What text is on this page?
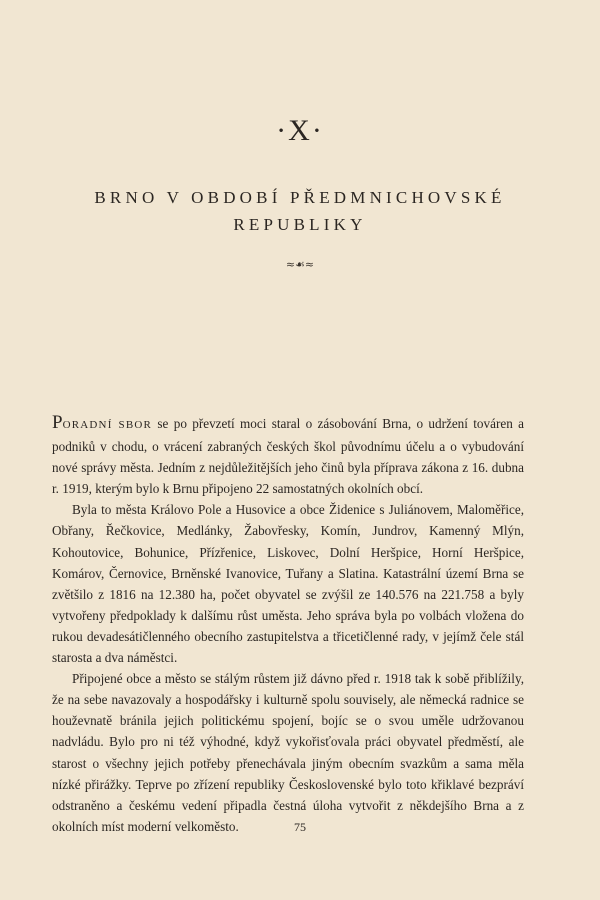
·X·
BRNO V OBDOBÍ PŘEDMNICHOVSKÉ
REPUBLIKY
≈☙≈

PORADNÍ SBOR se po převzetí moci staral o zásobování Brna, o udržení továren a podniků v chodu, o vrácení zabraných českých škol původnímu účelu a o vybudování nové správy města. Jedním z nejdůležitějších jeho činů byla příprava zákona z 16. dubna r. 1919, kterým bylo k Brnu připojeno 22 samostatných okolních obcí.

Byla to města Královo Pole a Husovice a obce Židenice s Juliánovem, Maloměřice, Obřany, Řečkovice, Medlánky, Žabovřesky, Komín, Jundrov, Kamenný Mlýn, Kohoutovice, Bohunice, Přízřenice, Liskovec, Dolní Heršpice, Horní Heršpice, Komárov, Černovice, Brněnské Ivanovice, Tuřany a Slatina. Katastrální území Brna se zvětšilo z 1816 na 12.380 ha, počet obyvatel se zvýšil ze 140.576 na 221.758 a byly vytvořeny předpoklady k dalšímu růst uměsta. Jeho správa byla po volbách vložena do rukou devadesátičlenného obecního zastupitelstva a třicetičlenné rady, v jejímž čele stál starosta a dva náměstci.

Připojené obce a město se stálým růstem již dávno před r. 1918 tak k sobě přiblížily, že na sebe navazovaly a hospodářsky i kulturně spolu souvisely, ale německá radnice se houževnatě bránila jejich politickému spojení, bojíc se o svou uměle udržovanou nadvládu. Bylo pro ni též výhodné, když vykořisťovala práci obyvatel předměstí, ale starost o všechny jejich potřeby přenechávala jiným obecním svazkům a sama měla nízké přirážky. Teprve po zřízení republiky Československé bylo toto křiklavé bezpráví odstraněno a českému vedení připadla čestná úloha vytvořit z někdejšího Brna a z okolních míst moderní velkoměsto.	75
